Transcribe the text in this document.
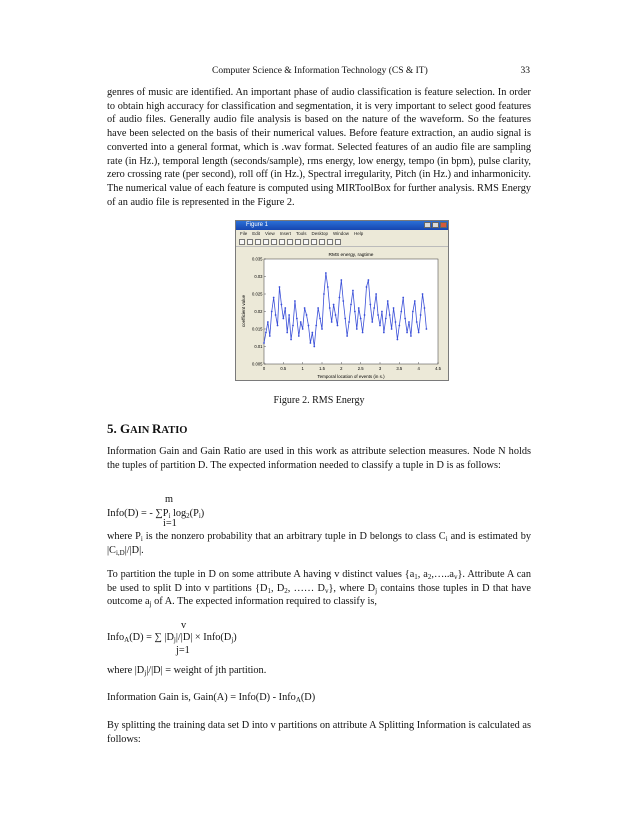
Computer Science & Information Technology (CS & IT)	33

genres of music are identified. An important phase of audio classification is feature selection. In order to obtain high accuracy for classification and segmentation, it is very important to select good features of audio files. Generally audio file analysis is based on the nature of the waveform. So the features have been selected on the basis of their numerical values. Before feature extraction, an audio signal is converted into a general format, which is .wav format. Selected features of an audio file are sampling rate (in Hz.), temporal length (seconds/sample), rms energy, low energy, tempo (in bpm), pulse clarity, zero crossing rate (per second), roll off (in Hz.), Spectral irregularity, Pitch (in Hz.) and inharmonicity. The numerical value of each feature is computed using MIRToolBox for further analysis. RMS Energy of an audio file is represented in the Figure 2.

Figure 1
File Edit View Insert Tools Desktop Window Help
RMS energy, ragtime
Temporal location of events (in s.)
coefficient value
0	0.5	1	1.5	2	2.5	3	3.5	4	4.5
0.005
0.01
0.015
0.02
0.025
0.03
0.035
Figure 2. RMS Energy
5. GAIN RATIO

Information Gain and Gain Ratio are used in this work as attribute selection measures. Node N holds the tuples of partition D. The expected information needed to classify a tuple in D is as follows:

m
Info(D) = - $\sum P_i$ $\log_2(P_i)$
i=1

where $P_i$ is the nonzero probability that an arbitrary tuple in D belongs to class $C_i$ and is estimated by $|C_{i,D}|/|D|$.

To partition the tuple in D on some attribute A having v distinct values {$a_1$, $a_2,\dots..a_v$}. Attribute A can be used to split D into v partitions {$D_1$, $D_2$, …… $D_v$}, where $D_j$ contains those tuples in D that have outcome $a_j$ of A. The expected information required to classify is,

v
Info$_A$(D) = ∑ $|D_j|/|D|$ × $Info(D_j)$
j=1
where $|D_j|/|D|$ = weight of jth partition.
Information Gain is, Gain(A) = Info(D) - Info$_A$(D)

By splitting the training data set D into v partitions on attribute A Splitting Information is calculated as follows:
